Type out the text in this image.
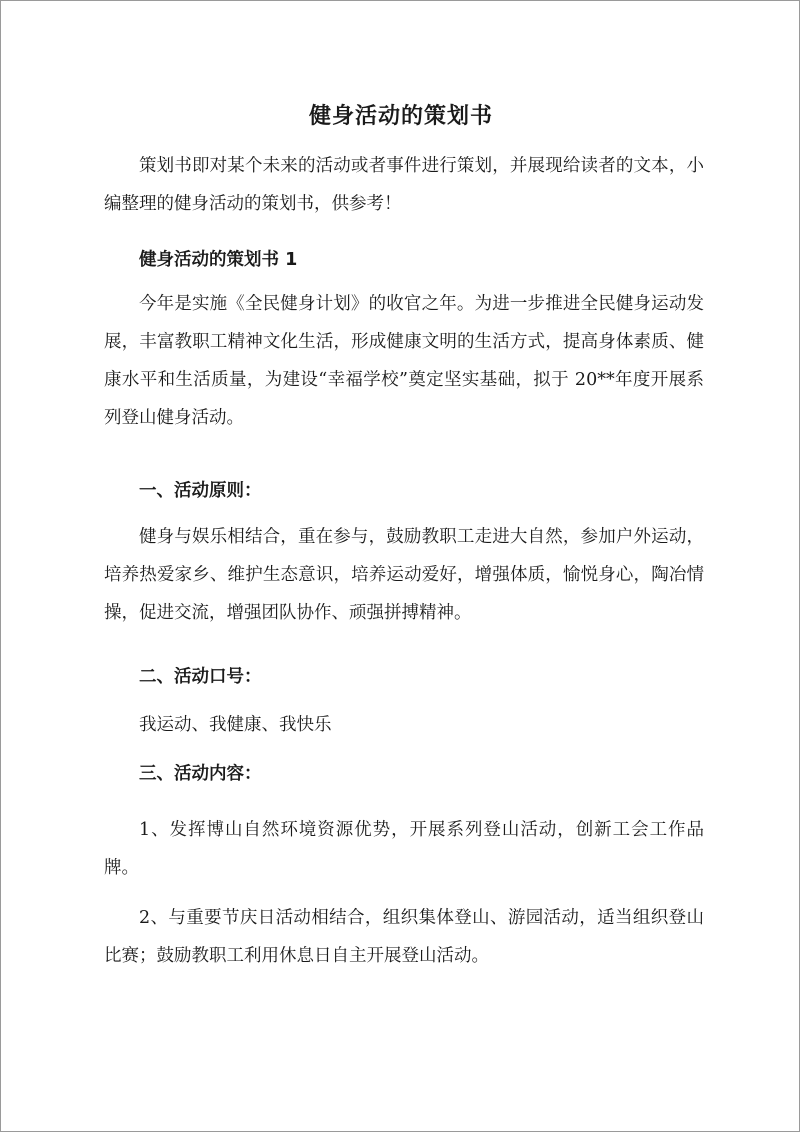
健身活动的策划书

策划书即对某个未来的活动或者事件进行策划，并展现给读者的文本，小编整理的健身活动的策划书，供参考！

健身活动的策划书 1

今年是实施《全民健身计划》的收官之年。为进一步推进全民健身运动发展，丰富教职工精神文化生活，形成健康文明的生活方式，提高身体素质、健康水平和生活质量，为建设“幸福学校”奠定坚实基础，拟于 20**年度开展系列登山健身活动。

一、活动原则：

健身与娱乐相结合，重在参与，鼓励教职工走进大自然，参加户外运动，培养热爱家乡、维护生态意识，培养运动爱好，增强体质，愉悦身心，陶冶情操，促进交流，增强团队协作、顽强拼搏精神。

二、活动口号：

我运动、我健康、我快乐

三、活动内容：

1、发挥博山自然环境资源优势，开展系列登山活动，创新工会工作品牌。

2、与重要节庆日活动相结合，组织集体登山、游园活动，适当组织登山比赛；鼓励教职工利用休息日自主开展登山活动。
